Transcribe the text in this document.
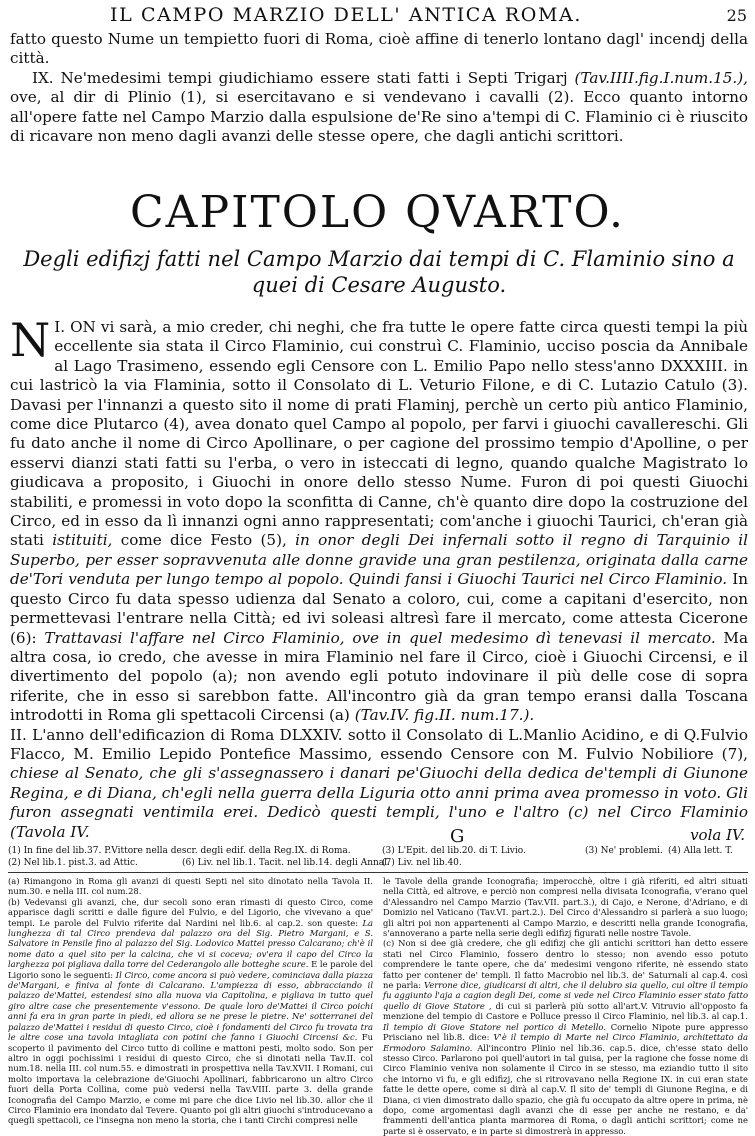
IL CAMPO MARZIO DELL' ANTICA ROMA.	25

fatto questo Nume un tempietto fuori di Roma, cioè affine di tenerlo lontano dagl' incendj della città.

IX. Ne'medesimi tempi giudichiamo essere stati fatti i Septi Trigarj (Tav.IIII.fig.I.num.15.), ove, al dir di Plinio (1), si esercitavano e si vendevano i cavalli (2). Ecco quanto intorno all'opere fatte nel Campo Marzio dalla espulsione de'Re sino a'tempi di C. Flaminio ci è riuscito di ricavare non meno dagli avanzi delle stesse opere, che dagli antichi scrittori.

CAPITOLO QVARTO.
Degli edifizj fatti nel Campo Marzio dai tempi di C. Flaminio sino a quei di Cesare Augusto.

I.
N ON vi sarà, a mio creder, chi neghi, che fra tutte le opere fatte circa questi tempi la più eccellente sia stata il Circo Flaminio, cui construì C. Flaminio, ucciso poscia da Annibale al Lago Trasimeno, essendo egli Censore con L. Emilio Papo nello stess'anno DXXXIII. in cui lastricò la via Flaminia, sotto il Consolato di L. Veturio Filone, e di C. Lutazio Catulo (3). Davasi per l'innanzi a questo sito il nome di prati Flaminj, perchè un certo più antico Flaminio, come dice Plutarco (4), avea donato quel Campo al popolo, per farvi i giuochi cavallereschi. Gli fu dato anche il nome di Circo Apollinare, o per cagione del prossimo tempio d'Apolline, o per esservi dianzi stati fatti su l'erba, o vero in isteccati di legno, quando qualche Magistrato lo giudicava a proposito, i Giuochi in onore dello stesso Nume. Furon di poi questi Giuochi stabiliti, e promessi in voto dopo la sconfitta di Canne, ch'è quanto dire dopo la costruzione del Circo, ed in esso da lì innanzi ogni anno rappresentati; com'anche i giuochi Taurici, ch'eran già stati istituiti, come dice Festo (5), in onor degli Dei infernali sotto il regno di Tarquinio il Superbo, per esser sopravvenuta alle donne gravide una gran pestilenza, originata dalla carne de'Tori venduta per lungo tempo al popolo. Quindi fansi i Giuochi Taurici nel Circo Flaminio. In questo Circo fu data spesso udienza dal Senato a coloro, cui, come a capitani d'esercito, non permettevasi l'entrare nella Città; ed ivi soleasi altresì fare il mercato, come attesta Cicerone (6): Trattavasi l'affare nel Circo Flaminio, ove in quel medesimo dì tenevasi il mercato. Ma altra cosa, io credo, che avesse in mira Flaminio nel fare il Circo, cioè i Giuochi Circensi, e il divertimento del popolo (a); non avendo egli potuto indovinare il più delle cose di sopra riferite, che in esso si sarebbon fatte. All'incontro già da gran tempo eransi dalla Toscana introdotti in Roma gli spettacoli Circensi (a) (Tav.IV. fig.II. num.17.).

II. L'anno dell'edificazion di Roma DLXXIV. sotto il Consolato di L.Manlio Acidino, e di Q.Fulvio Flacco, M. Emilio Lepido Pontefice Massimo, essendo Censore con M. Fulvio Nobiliore (7), chiese al Senato, che gli s'assegnassero i danari pe'Giuochi della dedica de'templi di Giunone Regina, e di Diana, ch'egli nella guerra della Liguria otto anni prima avea promesso in voto. Gli furon assegnati ventimila erei. Dedicò questi templi, l'uno e l'altro (c) nel Circo Flaminio (Tavola IV.	G	vola IV.
(1) In fine del lib.37. P.Vittore nella descr. degli edif. della Reg.IX. di Roma.	(3) L'Epit. del lib.20. di T. Livio.	(3) Ne' problemi. (4) Alla lett. T.
(2) Nel lib.1. pist.3. ad Attic.	(6) Liv. nel lib.1. Tacit. nel lib.14. degli Annal.
(7) Liv. nel lib.40.

(a) Rimangono in Roma gli avanzi di questi Septi nel sito dinotato nella Tavola II. num.30. e nella III. col num.28.

(b) Vedevansi gli avanzi, che, dur secoli sono eran rimasti di questo Circo, come apparisce dagli scritti e dalle figure del Fulvio, e del Ligorio, che vivevano a que' tempi. Le parole del Fulvio riferite dal Nardini nel lib.6. al cap.2. son queste: La lunghezza di tal Circo prendeva dal palazzo ora del Sig. Pietro Margani, e S. Salvatore in Pensile fino al palazzo del Sig. Lodovico Mattei presso Calcarano; ch'è il nome dato a quel sito per la calcina, che vi si coceva; ov'era il capo del Circo la larghezza poi pigliava dalla torre del Cederangolo alle botteghe scure. E le parole del Ligorio sono le seguenti: Il Circo, come ancora si può vedere, cominciava dalla piazza de'Margani, e finiva al fonte di Calcarano. L'ampiezza di esso, abbracciando il palazzo de'Mattei, estendesi sino alla nuova via Capitolina, e pigliava in tutto quel giro altre case che presentemente v'essono. De quale loro de'Mattei il Circo poichi anni fa era in gran parte in piedi, ed allora se ne prese le pietre. Ne' sotterranei del palazzo de'Mattei i residui di questo Circo, cioè i fondamenti del Circo fu trovata tra le altre cose una tavola intagliata con potini che fanno i Giuochi Circensi &c. Fu scoperto il pavimento del Circo tutto di colline e mattoni pesti, molto sodo. Son per altro in oggi pochissimi i residui di questo Circo, che si dinotati nella Tav.II. col num.18. nella III. col num.55. e dimostrati in prospettiva nella Tav.XVII. I Romani, cui molto importava la celebrazione de'Giuochi Apollinari, fabbricarono un altro Circo fuori della Porta Collina, come può vedersi nella Tav.VIII. parte 3. della grande Iconografia del Campo Marzio, e come mi pare che dice Livio nel lib.30. allor che il Circo Flaminio era inondato dal Tevere. Quanto poi gli altri giuochi s'introducevano a quegli spettacoli, ce l'insegna non meno la storia, che i tanti Circhi compresi nelle

le Tavole della grande Iconografia; imperocchè, oltre i già riferiti, ed altri situati nella Città, ed altrove, e perciò non compresi nella divisata Iconografia, v'erano quel d'Alessandro nel Campo Marzio (Tav.VII. part.3.), di Cajo, e Nerone, d'Adriano, e di Domizio nel Vaticano (Tav.VI. part.2.). Del Circo d'Alessandro si parlerà a suo luogo; gli altri poi non appartenenti al Campo Marzio, e descritti nella grande Iconografia, s'annoverano a parte nella serie degli edifizj figurati nelle nostre Tavole.

(c) Non si dee già credere, che gli edifizj che gli antichi scrittori han detto essere stati nel Circo Flaminio, fossero dentro lo stesso; non avendo esso potuto comprendere le tante opere, che da' medesimi vengono riferite, nè essendo stato fatto per contener de' templi. Il fatto Macrobio nel lib.3. de' Saturnali al cap.4. così ne parla: Verrone dice, giudicarsi di altri, che il delubro sia quello, cui oltre il tempio fu aggiunto l'aja a cagion degli Dei, come si vede nel Circo Flaminio esser stato fatto quello di Giove Statore , di cui si parlerà più sotto all'art.V. Vitruvio all'opposto fa menzione del tempio di Castore e Polluce presso il Circo Flaminio, nel lib.3. al cap.1. Il tempio di Giove Statore nel portico di Metello. Cornelio Nipote pure appresso Prisciano nel lib.8. dice: V'è il tempio di Marte nel Circo Flaminio, architettato da Ermodoro Salamino. All'incontro Plinio nel lib.36. cap.5. dice, ch'esse stato dello stesso Circo. Parlarono poi quell'autori in tal guisa, per la ragione che fosse nome di Circo Flaminio veniva non solamente il Circo in se stesso, ma eziandio tutto il sito che intorno vi fu, e gli edifizj, che si ritrovavano nella Regione IX. in cui eran state fatte le dette opere, come si dirà al cap.V. Il sito de' templi di Giunone Regina, e di Diana, ci vien dimostrato dallo spazio, che già fu occupato da altre opere in prima, nè dopo, come argomentasi dagli avanzi che di esse per anche ne restano, e da' frammenti dell'antica pianta marmorea di Roma, o dagli antichi scrittori; come ne parte si è osservato, e in parte si dimostrerà in appresso.
